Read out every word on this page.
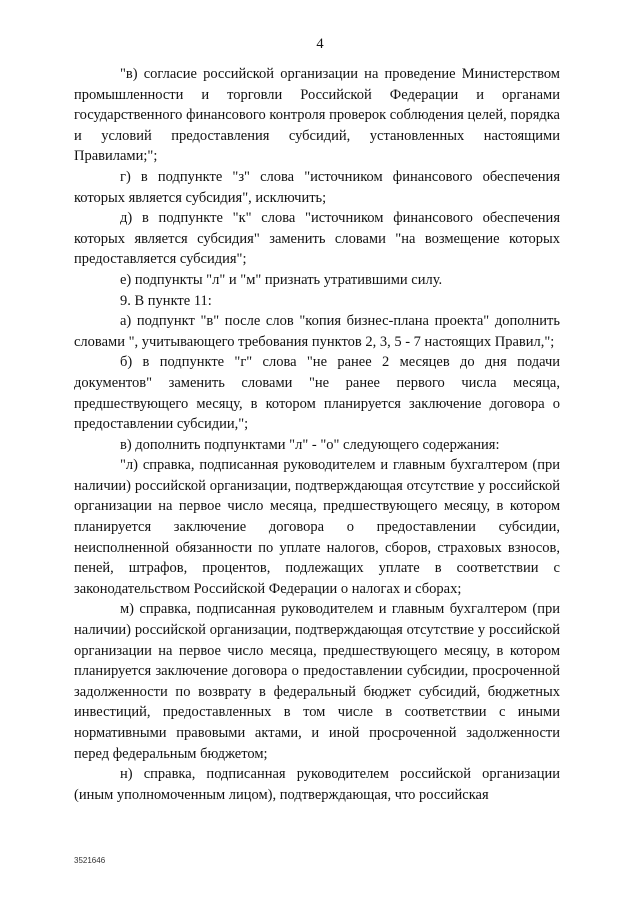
4

"в) согласие российской организации на проведение Министерством промышленности и торговли Российской Федерации и органами государственного финансового контроля проверок соблюдения целей, порядка и условий предоставления субсидий, установленных настоящими Правилами;";

г) в подпункте "з" слова "источником финансового обеспечения которых является субсидия", исключить;

д) в подпункте "к" слова "источником финансового обеспечения которых является субсидия" заменить словами "на возмещение которых предоставляется субсидия";

е) подпункты "л" и "м" признать утратившими силу.

9. В пункте 11:

а) подпункт "в" после слов "копия бизнес-плана проекта" дополнить словами ", учитывающего требования пунктов 2, 3, 5 - 7 настоящих Правил,";

б) в подпункте "г" слова "не ранее 2 месяцев до дня подачи документов" заменить словами "не ранее первого числа месяца, предшествующего месяцу, в котором планируется заключение договора о предоставлении субсидии,";

в) дополнить подпунктами "л" - "о" следующего содержания:

"л) справка, подписанная руководителем и главным бухгалтером (при наличии) российской организации, подтверждающая отсутствие у российской организации на первое число месяца, предшествующего месяцу, в котором планируется заключение договора о предоставлении субсидии, неисполненной обязанности по уплате налогов, сборов, страховых взносов, пеней, штрафов, процентов, подлежащих уплате в соответствии с законодательством Российской Федерации о налогах и сборах;

м) справка, подписанная руководителем и главным бухгалтером (при наличии) российской организации, подтверждающая отсутствие у российской организации на первое число месяца, предшествующего месяцу, в котором планируется заключение договора о предоставлении субсидии, просроченной задолженности по возврату в федеральный бюджет субсидий, бюджетных инвестиций, предоставленных в том числе в соответствии с иными нормативными правовыми актами, и иной просроченной задолженности перед федеральным бюджетом;

н) справка, подписанная руководителем российской организации (иным уполномоченным лицом), подтверждающая, что российская

3521646
